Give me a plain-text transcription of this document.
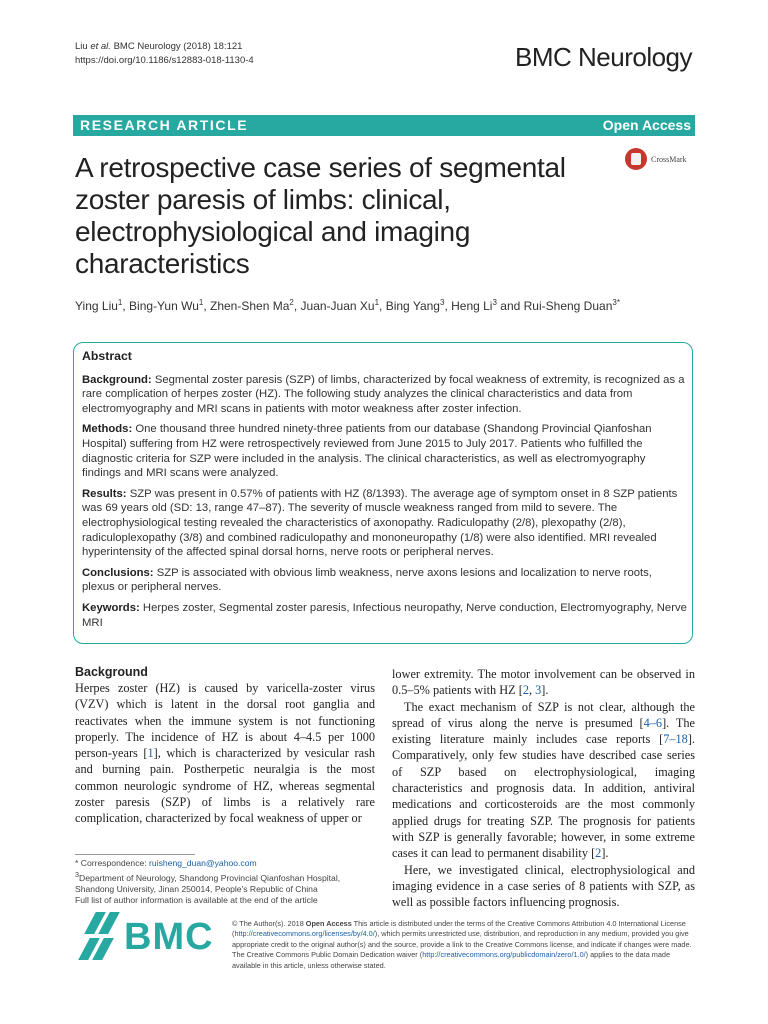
Liu et al. BMC Neurology (2018) 18:121
https://doi.org/10.1186/s12883-018-1130-4	BMC Neurology
RESEARCH ARTICLE	Open Access
A retrospective case series of segmental zoster paresis of limbs: clinical, electrophysiological and imaging characteristics
CrossMark
Ying Liu$^1$, Bing-Yun Wu$^1$, Zhen-Shen Ma$^2$, Juan-Juan Xu$^1$, Bing Yang$^3$, Heng Li$^3$ and Rui-Sheng Duan$^{3*}$
Abstract

Background: Segmental zoster paresis (SZP) of limbs, characterized by focal weakness of extremity, is recognized as a rare complication of herpes zoster (HZ). The following study analyzes the clinical characteristics and data from electromyography and MRI scans in patients with motor weakness after zoster infection.

Methods: One thousand three hundred ninety-three patients from our database (Shandong Provincial Qianfoshan Hospital) suffering from HZ were retrospectively reviewed from June 2015 to July 2017. Patients who fulfilled the diagnostic criteria for SZP were included in the analysis. The clinical characteristics, as well as electromyography findings and MRI scans were analyzed.

Results: SZP was present in 0.57% of patients with HZ (8/1393). The average age of symptom onset in 8 SZP patients was 69 years old (SD: 13, range 47–87). The severity of muscle weakness ranged from mild to severe. The electrophysiological testing revealed the characteristics of axonopathy. Radiculopathy (2/8), plexopathy (2/8), radiculoplexopathy (3/8) and combined radiculopathy and mononeuropathy (1/8) were also identified. MRI revealed hyperintensity of the affected spinal dorsal horns, nerve roots or peripheral nerves.

Conclusions: SZP is associated with obvious limb weakness, nerve axons lesions and localization to nerve roots, plexus or peripheral nerves.

Keywords: Herpes zoster, Segmental zoster paresis, Infectious neuropathy, Nerve conduction, Electromyography, Nerve MRI

Background

Herpes zoster (HZ) is caused by varicella-zoster virus (VZV) which is latent in the dorsal root ganglia and reactivates when the immune system is not functioning properly. The incidence of HZ is about 4–4.5 per 1000 person-years [1], which is characterized by vesicular rash and burning pain. Postherpetic neuralgia is the most common neurologic syndrome of HZ, whereas segmental zoster paresis (SZP) of limbs is a relatively rare complication, characterized by focal weakness of upper or

lower extremity. The motor involvement can be observed in 0.5–5% patients with HZ [2, 3].

The exact mechanism of SZP is not clear, although the spread of virus along the nerve is presumed [4–6]. The existing literature mainly includes case reports [7–18]. Comparatively, only few studies have described case series of SZP based on electrophysiological, imaging characteristics and prognosis data. In addition, antiviral medications and corticosteroids are the most commonly applied drugs for treating SZP. The prognosis for patients with SZP is generally favorable; however, in some extreme cases it can lead to permanent disability [2].

Here, we investigated clinical, electrophysiological and imaging evidence in a case series of 8 patients with SZP, as well as possible factors influencing prognosis.

* Correspondence: ruisheng_duan@yahoo.com

$^3$Department of Neurology, Shandong Provincial Qianfoshan Hospital,

Shandong University, Jinan 250014, People's Republic of China

Full list of author information is available at the end of the article

BMC	© The Author(s). 2018 Open Access This article is distributed under the terms of the Creative Commons Attribution 4.0 International License (http://creativecommons.org/licenses/by/4.0/), which permits unrestricted use, distribution, and reproduction in any medium, provided you give appropriate credit to the original author(s) and the source, provide a link to the Creative Commons license, and indicate if changes were made. The Creative Commons Public Domain Dedication waiver (http://creativecommons.org/publicdomain/zero/1.0/) applies to the data made available in this article, unless otherwise stated.
